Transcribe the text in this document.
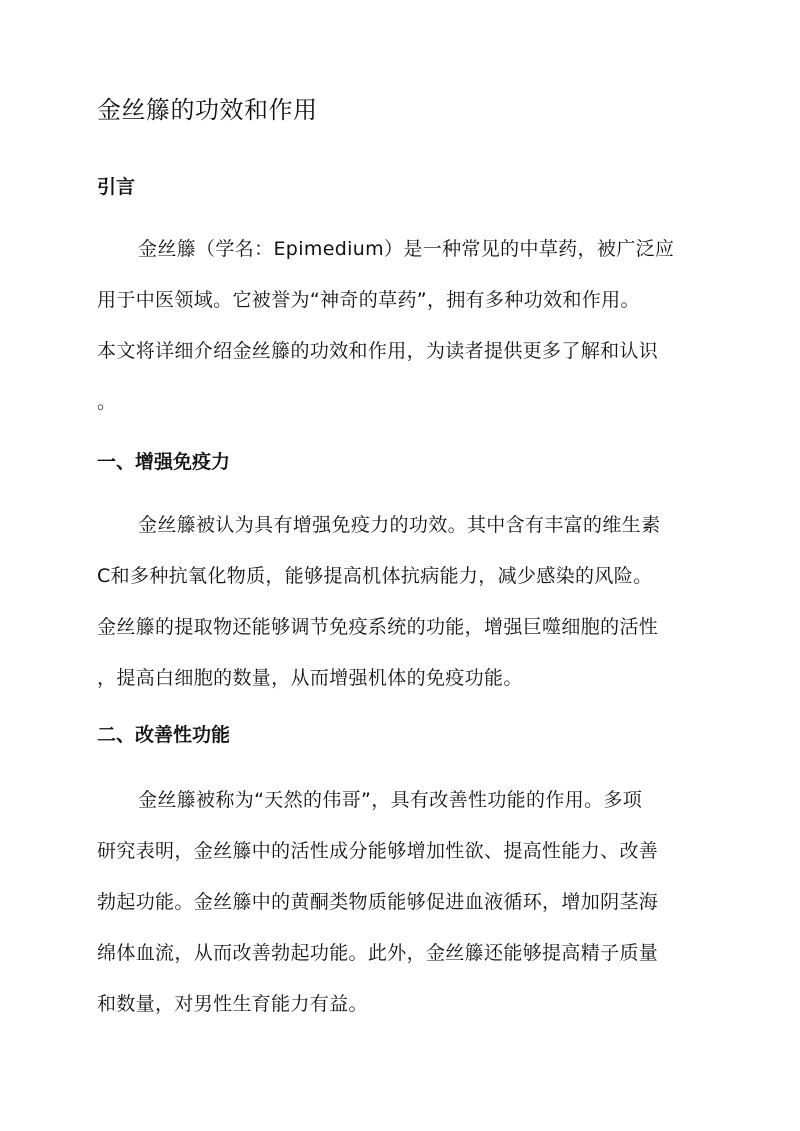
金丝籐的功效和作用
引言
金丝籐（学名：Epimedium）是一种常见的中草药，被广泛应
用于中医领域。它被誉为“神奇的草药”，拥有多种功效和作用。
本文将详细介绍金丝籐的功效和作用，为读者提供更多了解和认识
。
一、增强免疫力
金丝籐被认为具有增强免疫力的功效。其中含有丰富的维生素
C和多种抗氧化物质，能够提高机体抗病能力，减少感染的风险。
金丝籐的提取物还能够调节免疫系统的功能，增强巨噬细胞的活性
，提高白细胞的数量，从而增强机体的免疫功能。
二、改善性功能
金丝籐被称为“天然的伟哥”，具有改善性功能的作用。多项
研究表明，金丝籐中的活性成分能够增加性欲、提高性能力、改善
勃起功能。金丝籐中的黄酮类物质能够促进血液循环，增加阴茎海
绵体血流，从而改善勃起功能。此外，金丝籐还能够提高精子质量
和数量，对男性生育能力有益。
